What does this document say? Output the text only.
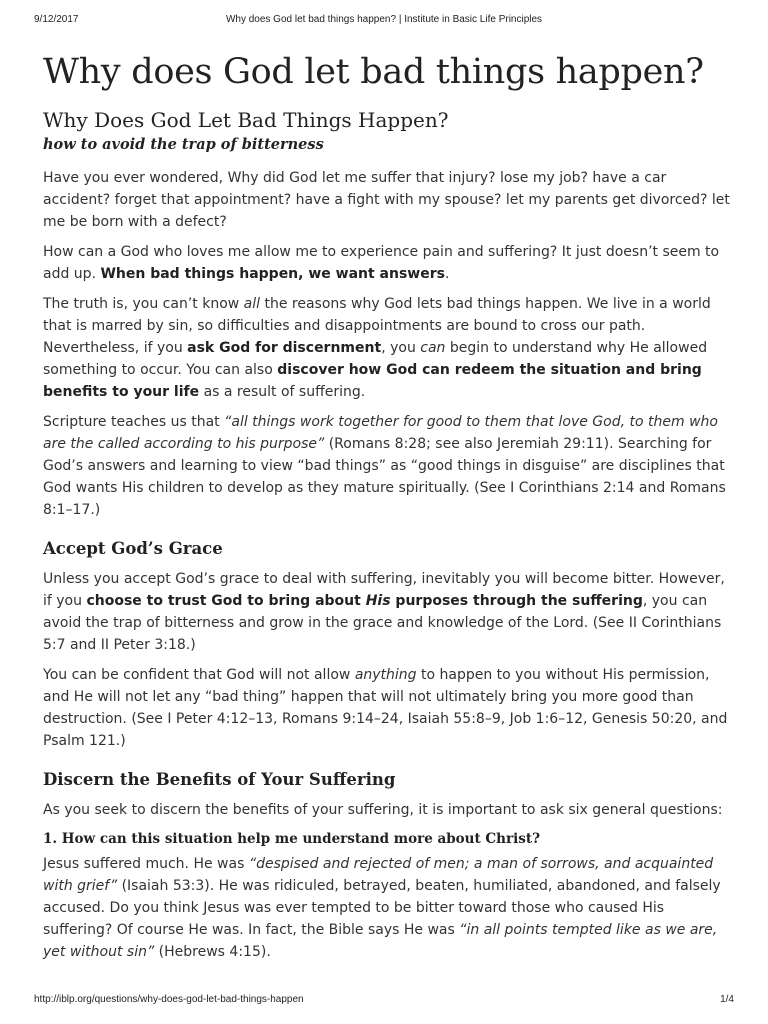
9/12/2017	Why does God let bad things happen? | Institute in Basic Life Principles
Why does God let bad things happen?
Why Does God Let Bad Things Happen?
how to avoid the trap of bitterness

Have you ever wondered, Why did God let me suffer that injury? lose my job? have a car accident? forget that appointment? have a fight with my spouse? let my parents get divorced? let me be born with a defect?

How can a God who loves me allow me to experience pain and suffering? It just doesn’t seem to add up. When bad things happen, we want answers.

The truth is, you can’t know all the reasons why God lets bad things happen. We live in a world that is marred by sin, so difficulties and disappointments are bound to cross our path. Nevertheless, if you ask God for discernment, you can begin to understand why He allowed something to occur. You can also discover how God can redeem the situation and bring benefits to your life as a result of suffering.

Scripture teaches us that “all things work together for good to them that love God, to them who are the called according to his purpose” (Romans 8:28; see also Jeremiah 29:11). Searching for God’s answers and learning to view “bad things” as “good things in disguise” are disciplines that God wants His children to develop as they mature spiritually. (See I Corinthians 2:14 and Romans 8:1–17.)

Accept God’s Grace

Unless you accept God’s grace to deal with suffering, inevitably you will become bitter. However, if you choose to trust God to bring about His purposes through the suffering, you can avoid the trap of bitterness and grow in the grace and knowledge of the Lord. (See II Corinthians 5:7 and II Peter 3:18.)

You can be confident that God will not allow anything to happen to you without His permission, and He will not let any “bad thing” happen that will not ultimately bring you more good than destruction. (See I Peter 4:12–13, Romans 9:14–24, Isaiah 55:8–9, Job 1:6–12, Genesis 50:20, and Psalm 121.)

Discern the Benefits of Your Suffering

As you seek to discern the benefits of your suffering, it is important to ask six general questions:

1. How can this situation help me understand more about Christ?

Jesus suffered much. He was “despised and rejected of men; a man of sorrows, and acquainted with grief” (Isaiah 53:3). He was ridiculed, betrayed, beaten, humiliated, abandoned, and falsely accused. Do you think Jesus was ever tempted to be bitter toward those who caused His suffering? Of course He was. In fact, the Bible says He was “in all points tempted like as we are, yet without sin” (Hebrews 4:15).

http://iblp.org/questions/why-does-god-let-bad-things-happen	1/4
